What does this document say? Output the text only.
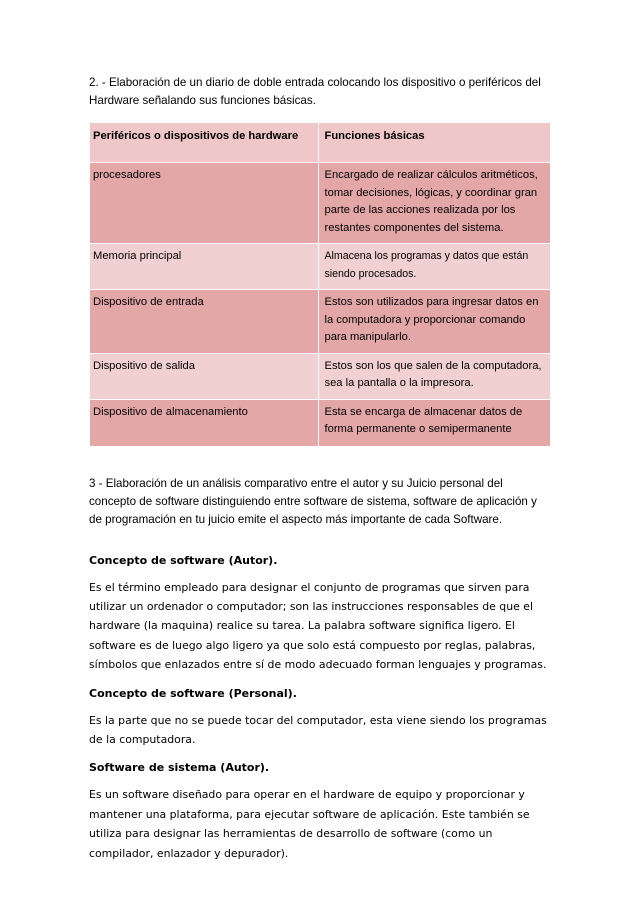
2. - Elaboración de un diario de doble entrada colocando los dispositivo o periféricos del Hardware señalando sus funciones básicas.

Periféricos o dispositivos de hardware	Funciones básicas
procesadores	Encargado de realizar cálculos aritméticos, tomar decisiones, lógicas, y coordinar gran parte de las acciones realizada por los restantes componentes del sistema.
Memoria principal	Almacena los programas y datos que están siendo procesados.
Dispositivo de entrada	Estos son utilizados para ingresar datos en la computadora y proporcionar comando para manipularlo.
Dispositivo de salida	Estos son los que salen de la computadora, sea la pantalla o la impresora.
Dispositivo de almacenamiento	Esta se encarga de almacenar datos de forma permanente o semipermanente

3 - Elaboración de un análisis comparativo entre el autor y su Juicio personal del concepto de software distinguiendo entre software de sistema, software de aplicación y de programación en tu juicio emite el aspecto más importante de cada Software.

Concepto de software (Autor).

Es el término empleado para designar el conjunto de programas que sirven para utilizar un ordenador o computador; son las instrucciones responsables de que el hardware (la maquina) realice su tarea. La palabra software significa ligero. El software es de luego algo ligero ya que solo está compuesto por reglas, palabras, símbolos que enlazados entre sí de modo adecuado forman lenguajes y programas.

Concepto de software (Personal).

Es la parte que no se puede tocar del computador, esta viene siendo los programas de la computadora.

Software de sistema (Autor).

Es un software diseñado para operar en el hardware de equipo y proporcionar y mantener una plataforma, para ejecutar software de aplicación. Este también se utiliza para designar las herramientas de desarrollo de software (como un compilador, enlazador y depurador).
